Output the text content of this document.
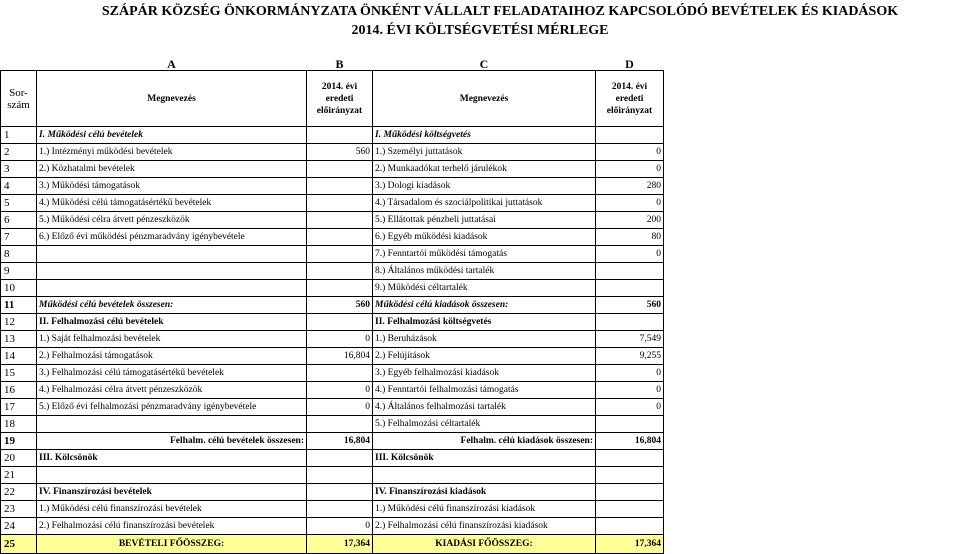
SZÁPÁR KÖZSÉG ÖNKORMÁNYZATA ÖNKÉNT VÁLLALT FELADATAIHOZ KAPCSOLÓDÓ BEVÉTELEK ÉS KIADÁSOK
2014. ÉVI KÖLTSÉGVETÉSI MÉRLEGE
	A	B	C	D
Sor-szám	Megnevezés	2014. évi eredeti előirányzat	Megnevezés	2014. évi eredeti előirányzat
1	I. Működési célú bevételek		I. Működési költségvetés	
2	1.) Intézményi működési bevételek	560	1.) Személyi juttatások	0
3	2.) Közhatalmi bevételek		2.) Munkaadókat terhelő járulékok	0
4	3.) Működési támogatások		3.) Dologi kiadások	280
5	4.) Működési célú támogatásértékű bevételek		4.) Társadalom és szociálpolitikai juttatások	0
6	5.) Működési célra átvett pénzeszközök		5.) Ellátottak pénzbeli juttatásai	200
7	6.) Előző évi működési pénzmaradvány igénybevétele		6.) Egyéb működési kiadások	80
8			7.) Fenntartói működési támogatás	0
9			8.) Általános működési tartalék	
10			9.) Működési céltartalék	
11	Működési célú bevételek összesen:	560	Működési célú kiadások összesen:	560
12	II. Felhalmozási célú bevételek		II. Felhalmozási költségvetés	
13	1.) Saját felhalmozási bevételek	0	1.) Beruházások	7,549
14	2.) Felhalmozási támogatások	16,804	2.) Felújítások	9,255
15	3.) Felhalmozási célú támogatásértékű bevételek		3.) Egyéb felhalmozási kiadások	0
16	4.) Felhalmozási célra átvett pénzeszközök	0	4.) Fenntartói felhalmozási támogatás	0
17	5.) Előző évi felhalmozási pénzmaradvány igénybevétele	0	4.) Általános felhalmozási tartalék	0
18			5.) Felhalmozási céltartalék	
19	Felhalm. célú bevételek összesen:	16,804	Felhalm. célú kiadások összesen:	16,804
20	III. Kölcsönök		III. Kölcsönök	
21				
22	IV. Finanszírozási bevételek		IV. Finanszírozási kiadások	
23	1.) Működési célú finanszírozási bevételek		1.) Működési célú finanszírozási kiadások	
24	2.) Felhalmozási célú finanszírozási bevételek	0	2.) Felhalmozási célú finanszírozási kiadások	
25	BEVÉTELI FŐÖSSZEG:	17,364	KIADÁSI FŐÖSSZEG:	17,364
